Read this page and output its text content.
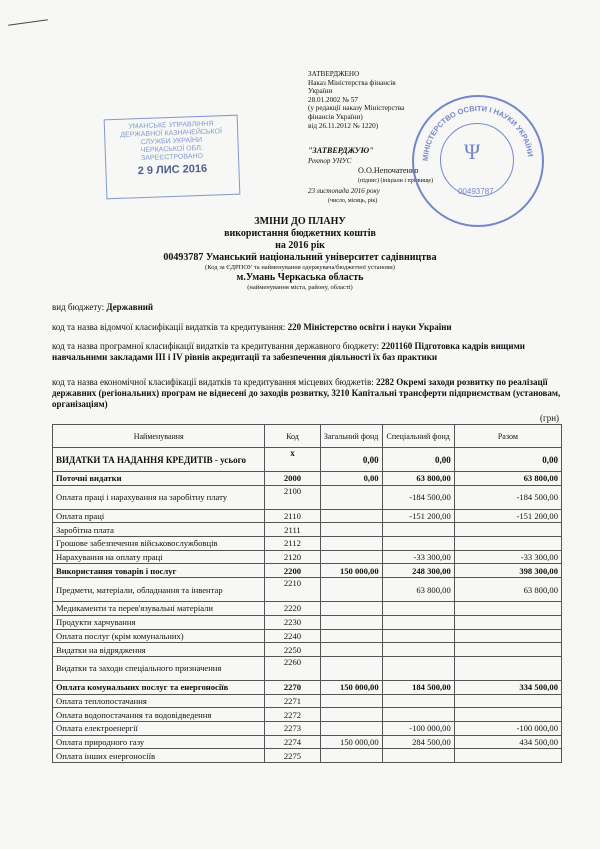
ЗАТВЕРДЖЕНО
Наказ Міністерства фінансів
України
28.01.2002 № 57
(у редакції наказу Міністерства
фінансів України)
від 26.11.2012 № 1220)
"ЗАТВЕРДЖУЮ"
Ректор УНУС
О.О.Непочатенко
(підпис) (ініціали і прізвище)
23 листопада 2016 року
(число, місяць, рік)
УМАНСЬКЕ УПРАВЛІННЯ
ДЕРЖАВНОЇ КАЗНАЧЕЙСЬКОЇ
СЛУЖБИ УКРАЇНИ
ЧЕРКАСЬКОЇ ОБЛ.
ЗАРЕЄСТРОВАНО
2 9 ЛИС 2016
МІНІСТЕРСТВО ОСВІТИ І НАУКИ УКРАЇНИ
Ψ
00493787
ЗМІНИ ДО ПЛАНУ
використання бюджетних коштів
на 2016 рік
00493787 Уманський національний університет садівництва
(Код за ЄДРПОУ та найменування одержувача/бюджетної установи)
м.Умань Черкаська область
(найменування міста, району, області)
вид бюджету: Державний
код та назва відомчої класифікації видатків та кредитування: 220 Міністерство освіти і науки України
код та назва програмної класифікації видатків та кредитування державного бюджету: 2201160 Підготовка кадрів вищими навчальними закладами ІІІ і IV рівнів акредитації та забезпечення діяльності їх баз практики
код та назва економічної класифікації видатків та кредитування місцевих бюджетів: 2282 Окремі заходи розвитку по реалізації державних (регіональних) програм не віднесені до заходів розвитку, 3210 Капітальні трансферти підприємствам (установам, організаціям)
(грн)
Найменування	Код	Загальний фонд	Спеціальний фонд	Разом
ВИДАТКИ ТА НАДАННЯ КРЕДИТІВ - усього	х	0,00	0,00	0,00
Поточні видатки	2000	0,00	63 800,00	63 800,00
Оплата праці і нарахування на заробітну плату	2100		-184 500,00	-184 500,00
Оплата праці	2110		-151 200,00	-151 200,00
Заробітна плата	2111			
Грошове забезпечення військовослужбовців	2112			
Нарахування на оплату праці	2120		-33 300,00	-33 300,00
Використання товарів і послуг	2200	150 000,00	248 300,00	398 300,00
Предмети, матеріали, обладнання та інвентар	2210		63 800,00	63 800,00
Медикаменти та перев'язувальні матеріали	2220			
Продукти харчування	2230			
Оплата послуг (крім комунальних)	2240			
Видатки на відрядження	2250			
Видатки та заходи спеціального призначення	2260			
Оплата комунальних послуг та енергоносіїв	2270	150 000,00	184 500,00	334 500,00
Оплата теплопостачання	2271			
Оплата водопостачання та водовідведення	2272			
Оплата електроенергії	2273		-100 000,00	-100 000,00
Оплата природного газу	2274	150 000,00	284 500,00	434 500,00
Оплата інших енергоносіїв	2275			
